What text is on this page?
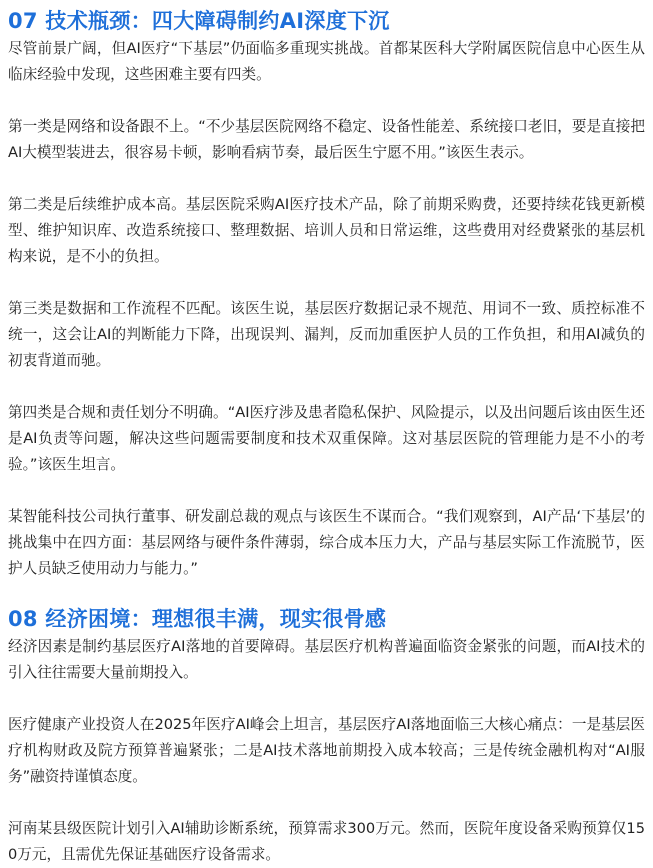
07 技术瓶颈：四大障碍制约AI深度下沉

尽管前景广阔，但AI医疗“下基层”仍面临多重现实挑战。首都某医科大学附属医院信息中心医生从临床经验中发现，这些困难主要有四类。

第一类是网络和设备跟不上。“不少基层医院网络不稳定、设备性能差、系统接口老旧，要是直接把AI大模型装进去，很容易卡顿，影响看病节奏，最后医生宁愿不用。”该医生表示。

第二类是后续维护成本高。基层医院采购AI医疗技术产品，除了前期采购费，还要持续花钱更新模型、维护知识库、改造系统接口、整理数据、培训人员和日常运维，这些费用对经费紧张的基层机构来说，是不小的负担。

第三类是数据和工作流程不匹配。该医生说，基层医疗数据记录不规范、用词不一致、质控标准不统一，这会让AI的判断能力下降，出现误判、漏判，反而加重医护人员的工作负担，和用AI减负的初衷背道而驰。

第四类是合规和责任划分不明确。“AI医疗涉及患者隐私保护、风险提示，以及出问题后该由医生还是AI负责等问题，解决这些问题需要制度和技术双重保障。这对基层医院的管理能力是不小的考验。”该医生坦言。

某智能科技公司执行董事、研发副总裁的观点与该医生不谋而合。“我们观察到，AI产品‘下基层’的挑战集中在四方面：基层网络与硬件条件薄弱，综合成本压力大，产品与基层实际工作流脱节，医护人员缺乏使用动力与能力。”

08 经济困境：理想很丰满，现实很骨感

经济因素是制约基层医疗AI落地的首要障碍。基层医疗机构普遍面临资金紧张的问题，而AI技术的引入往往需要大量前期投入。

医疗健康产业投资人在2025年医疗AI峰会上坦言，基层医疗AI落地面临三大核心痛点：一是基层医疗机构财政及院方预算普遍紧张；二是AI技术落地前期投入成本较高；三是传统金融机构对“AI服务”融资持谨慎态度。

河南某县级医院计划引入AI辅助诊断系统，预算需求300万元。然而，医院年度设备采购预算仅150万元，且需优先保证基础医疗设备需求。
